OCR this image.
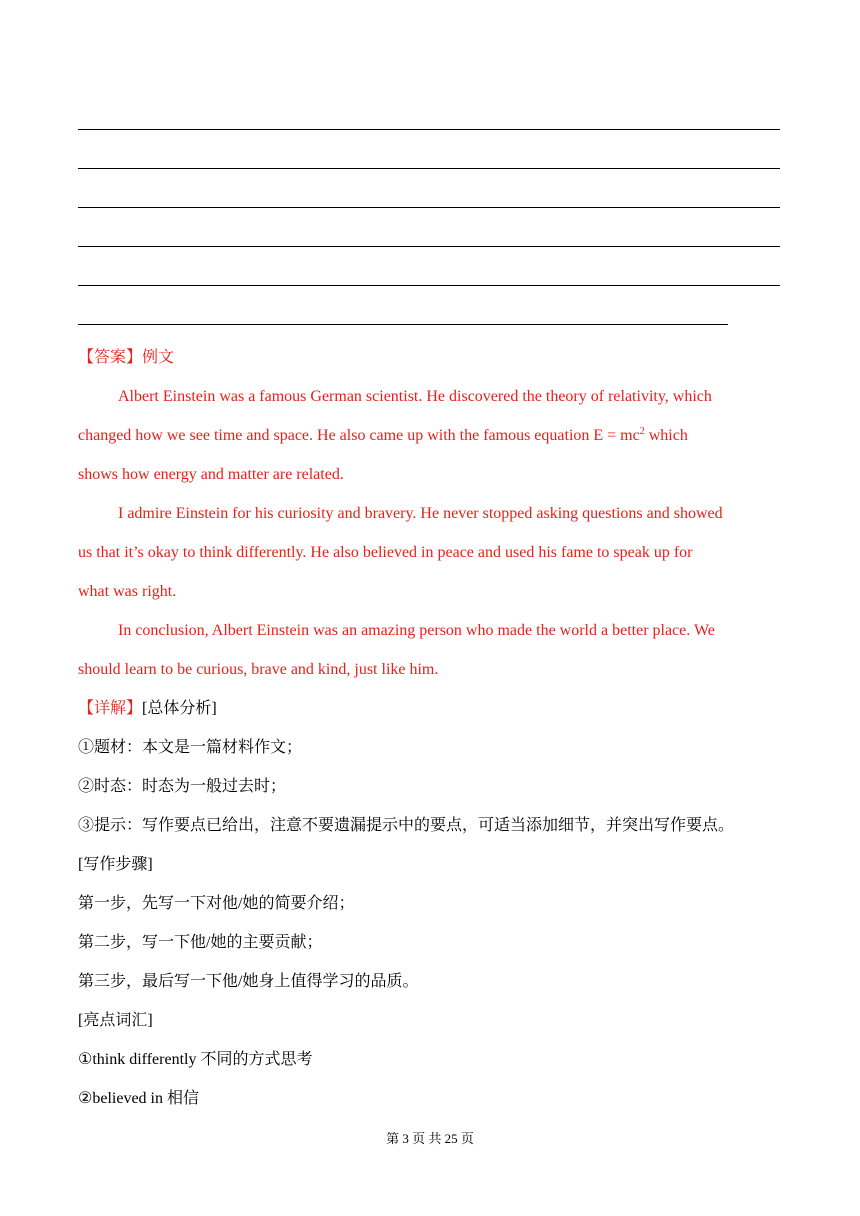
【答案】例文
Albert Einstein was a famous German scientist. He discovered the theory of relativity, which
changed how we see time and space. He also came up with the famous equation $E = mc^2$ which
shows how energy and matter are related.
I admire Einstein for his curiosity and bravery. He never stopped asking questions and showed
us that it’s okay to think differently. He also believed in peace and used his fame to speak up for
what was right.
In conclusion, Albert Einstein was an amazing person who made the world a better place. We
should learn to be curious, brave and kind, just like him.
【详解】[总体分析]
①题材：本文是一篇材料作文；
②时态：时态为一般过去时；
③提示：写作要点已给出，注意不要遗漏提示中的要点，可适当添加细节，并突出写作要点。
[写作步骤]
第一步，先写一下对他/她的简要介绍；
第二步，写一下他/她的主要贡献；
第三步，最后写一下他/她身上值得学习的品质。
[亮点词汇]
①think differently 不同的方式思考
②believed in 相信
第 3 页 共 25 页
